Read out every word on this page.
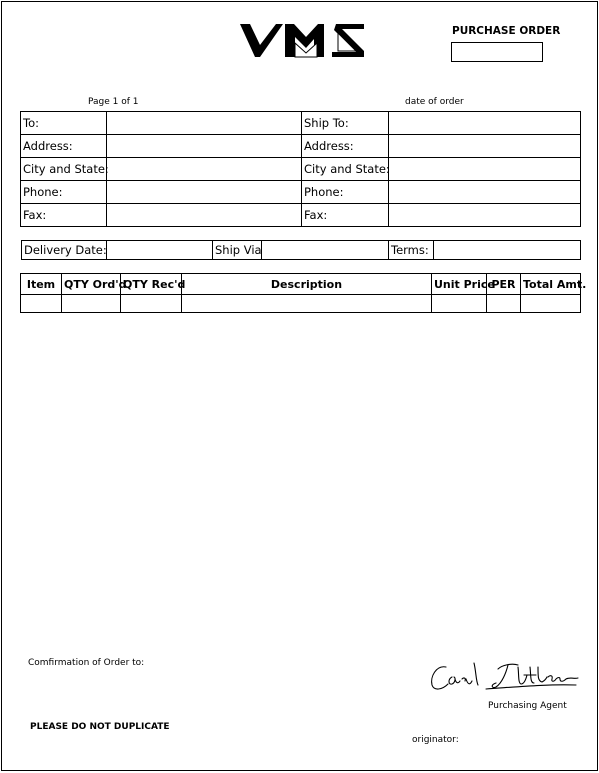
PURCHASE ORDER
Page 1 of 1	date of order
To:		Ship To:	
Address:		Address:	
City and State:		City and State:	
Phone:		Phone:	
Fax:		Fax:	
Delivery Date:		Ship Via		Terms:	
Item	QTY Ord'd	QTY Rec'd	Description	Unit Price	PER	Total Amt.

Comfirmation of Order to:
PLEASE DO NOT DUPLICATE
Purchasing Agent
originator:
